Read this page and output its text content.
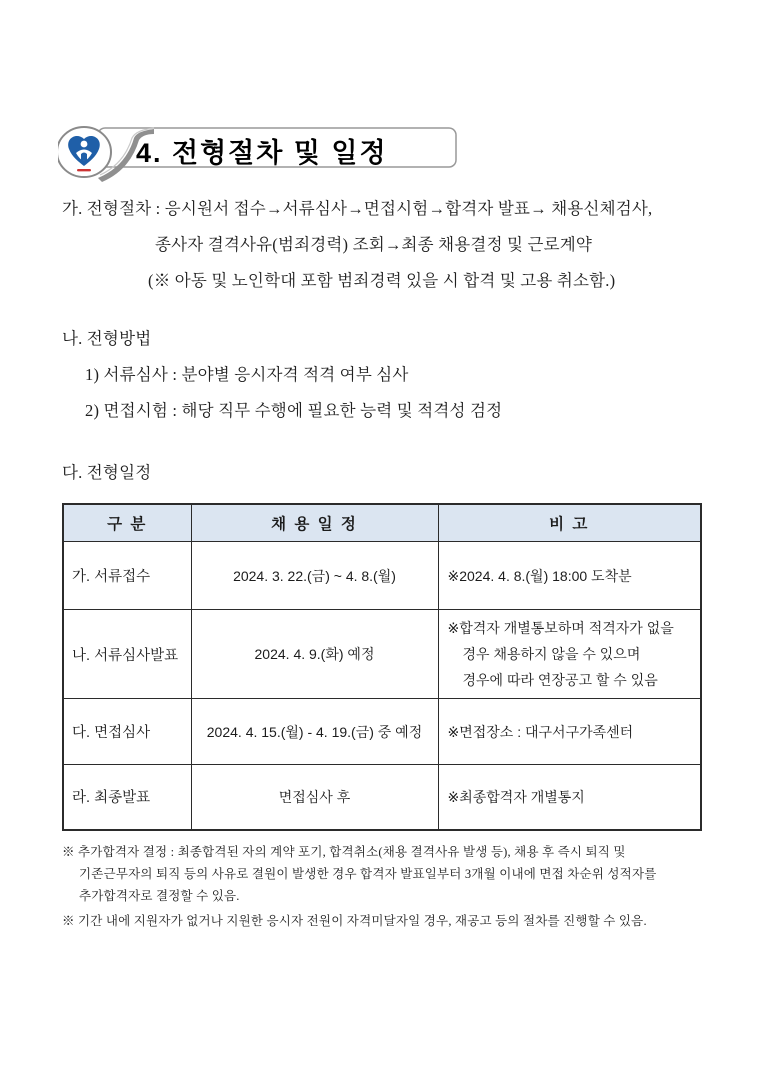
4. 전형절차 및 일정
가. 전형절차 : 응시원서 접수→서류심사→면접시험→합격자 발표→ 채용신체검사,
종사자 결격사유(범죄경력) 조회→최종 채용결정 및 근로계약
(※ 아동 및 노인학대 포함 범죄경력 있을 시 합격 및 고용 취소함.)
나. 전형방법
1) 서류심사 : 분야별 응시자격 적격 여부 심사
2) 면접시험 : 해당 직무 수행에 필요한 능력 및 적격성 검정
다. 전형일정
구 분	채 용 일 정	비 고
가. 서류접수	2024. 3. 22.(금) ~ 4. 8.(월)	※2024. 4. 8.(월) 18:00 도착분
나. 서류심사발표	2024. 4. 9.(화) 예정	※합격자 개별통보하며 적격자가 없을
경우 채용하지 않을 수 있으며
경우에 따라 연장공고 할 수 있음

다. 면접심사	2024. 4. 15.(월) - 4. 19.(금) 중 예정	※면접장소 : 대구서구가족센터
라. 최종발표	면접심사 후	※최종합격자 개별통지
※ 추가합격자 결정 : 최종합격된 자의 계약 포기, 합격취소(채용 결격사유 발생 등), 채용 후 즉시 퇴직 및
기존근무자의 퇴직 등의 사유로 결원이 발생한 경우 합격자 발표일부터 3개월 이내에 면접 차순위 성적자를
추가합격자로 결정할 수 있음.
※ 기간 내에 지원자가 없거나 지원한 응시자 전원이 자격미달자일 경우, 재공고 등의 절차를 진행할 수 있음.
